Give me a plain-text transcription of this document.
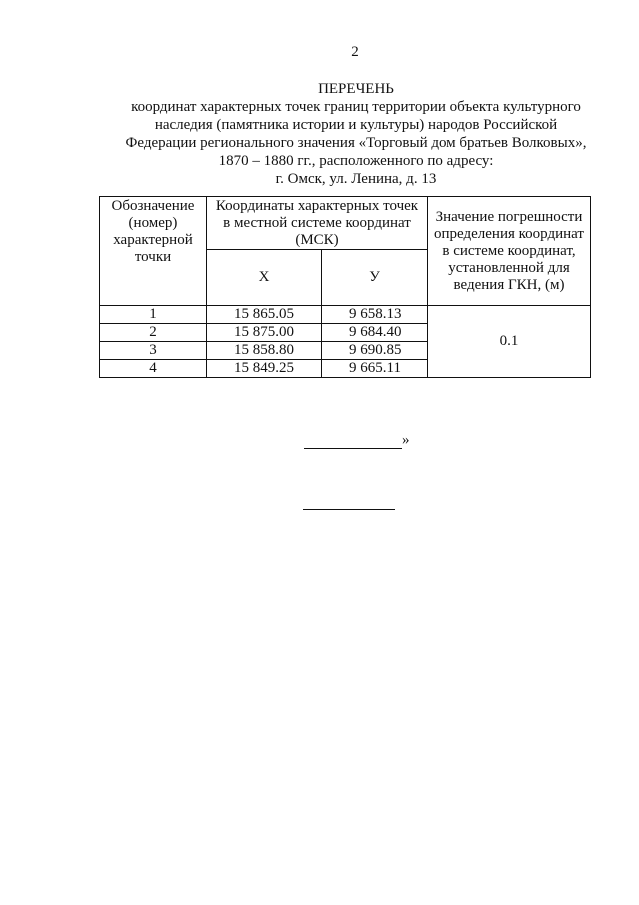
2
ПЕРЕЧЕНЬ
координат характерных точек границ территории объекта культурного
наследия (памятника истории и культуры) народов Российской
Федерации регионального значения «Торговый дом братьев Волковых»,
1870 – 1880 гг., расположенного по адресу:
г. Омск, ул. Ленина, д. 13
Обозначение (номер) характерной точки	Координаты характерных точек в местной системе координат (МСК)		Значение погрешности определения координат в системе координат, установленной для ведения ГКН, (м)
	Х	У	
1	15 865.05	9 658.13	0.1
2	15 875.00	9 684.40	
3	15 858.80	9 690.85	
4	15 849.25	9 665.11	
»
